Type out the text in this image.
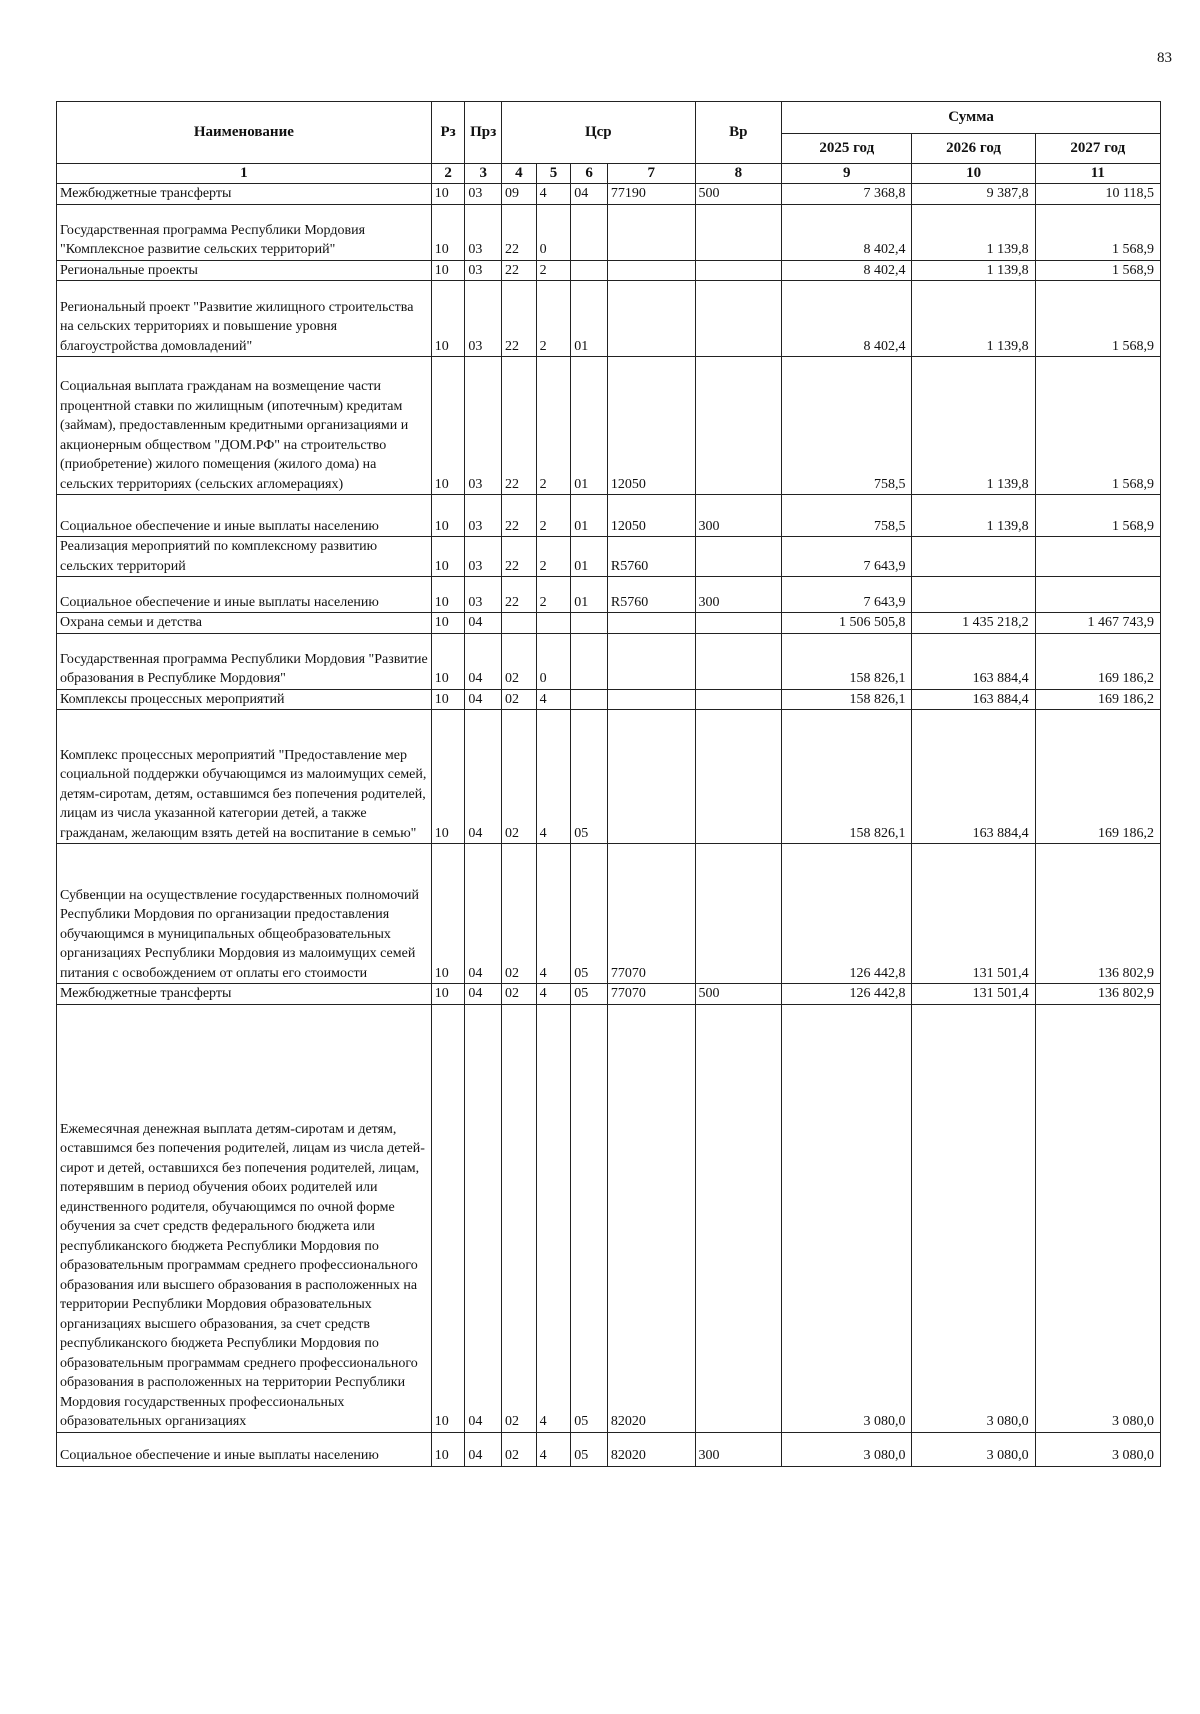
83
Наименование	Рз	Прз	Цср				Вр	Сумма		
								2025 год	2026 год	2027 год
1	2	3	4	5	6	7	8	9	10	11
Межбюджетные трансферты	10	03	09	4	04	77190	500	7 368,8	9 387,8	10 118,5
Государственная программа Республики Мордовия "Комплексное развитие сельских территорий"	10	03	22	0				8 402,4	1 139,8	1 568,9
Региональные проекты	10	03	22	2				8 402,4	1 139,8	1 568,9
Региональный проект "Развитие жилищного строительства на сельских территориях и повышение уровня благоустройства домовладений"	10	03	22	2	01			8 402,4	1 139,8	1 568,9
Социальная выплата гражданам на возмещение части процентной ставки по жилищным (ипотечным) кредитам (займам), предоставленным кредитными организациями и акционерным обществом "ДОМ.РФ" на строительство (приобретение) жилого помещения (жилого дома) на сельских территориях (сельских агломерациях)	10	03	22	2	01	12050		758,5	1 139,8	1 568,9
Социальное обеспечение и иные выплаты населению	10	03	22	2	01	12050	300	758,5	1 139,8	1 568,9
Реализация мероприятий по комплексному развитию сельских территорий	10	03	22	2	01	R5760		7 643,9		
Социальное обеспечение и иные выплаты населению	10	03	22	2	01	R5760	300	7 643,9		
Охрана семьи и детства	10	04						1 506 505,8	1 435 218,2	1 467 743,9
Государственная программа Республики Мордовия "Развитие образования в Республике Мордовия"	10	04	02	0				158 826,1	163 884,4	169 186,2
Комплексы процессных мероприятий	10	04	02	4				158 826,1	163 884,4	169 186,2
Комплекс процессных мероприятий "Предоставление мер социальной поддержки обучающимся из малоимущих семей, детям-сиротам, детям, оставшимся без попечения родителей, лицам из числа указанной категории детей, а также гражданам, желающим взять детей на воспитание в семью"	10	04	02	4	05			158 826,1	163 884,4	169 186,2
Субвенции на осуществление государственных полномочий Республики Мордовия по организации предоставления обучающимся в муниципальных общеобразовательных организациях Республики Мордовия из малоимущих семей питания с освобождением от оплаты его стоимости	10	04	02	4	05	77070		126 442,8	131 501,4	136 802,9
Межбюджетные трансферты	10	04	02	4	05	77070	500	126 442,8	131 501,4	136 802,9
Ежемесячная денежная выплата детям-сиротам и детям, оставшимся без попечения родителей, лицам из числа детей-сирот и детей, оставшихся без попечения родителей, лицам, потерявшим в период обучения обоих родителей или единственного родителя, обучающимся по очной форме обучения за счет средств федерального бюджета или республиканского бюджета Республики Мордовия по образовательным программам среднего профессионального образования или высшего образования в расположенных на территории Республики Мордовия образовательных организациях высшего образования, за счет средств республиканского бюджета Республики Мордовия по образовательным программам среднего профессионального образования в расположенных на территории Республики Мордовия государственных профессиональных образовательных организациях	10	04	02	4	05	82020		3 080,0	3 080,0	3 080,0
Социальное обеспечение и иные выплаты населению	10	04	02	4	05	82020	300	3 080,0	3 080,0	3 080,0
